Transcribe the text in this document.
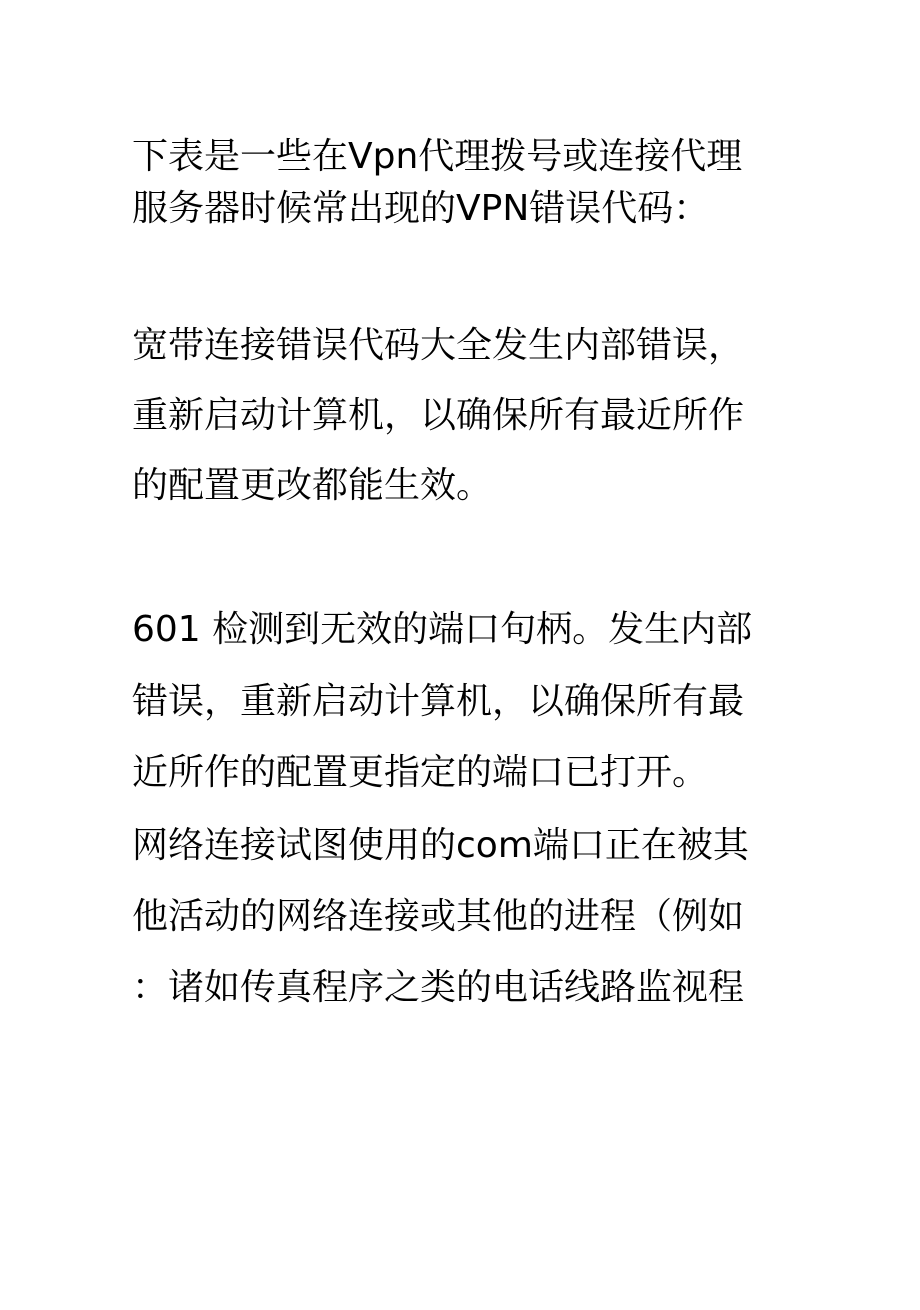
下表是一些在Vpn代理拨号或连接代理
服务器时候常出现的VPN错误代码：
宽带连接错误代码大全发生内部错误，
重新启动计算机，以确保所有最近所作
的配置更改都能生效。
601 检测到无效的端口句柄。发生内部
错误，重新启动计算机，以确保所有最
近所作的配置更指定的端口已打开。
网络连接试图使用的com端口正在被其
他活动的网络连接或其他的进程（例如
：诸如传真程序之类的电话线路监视程
